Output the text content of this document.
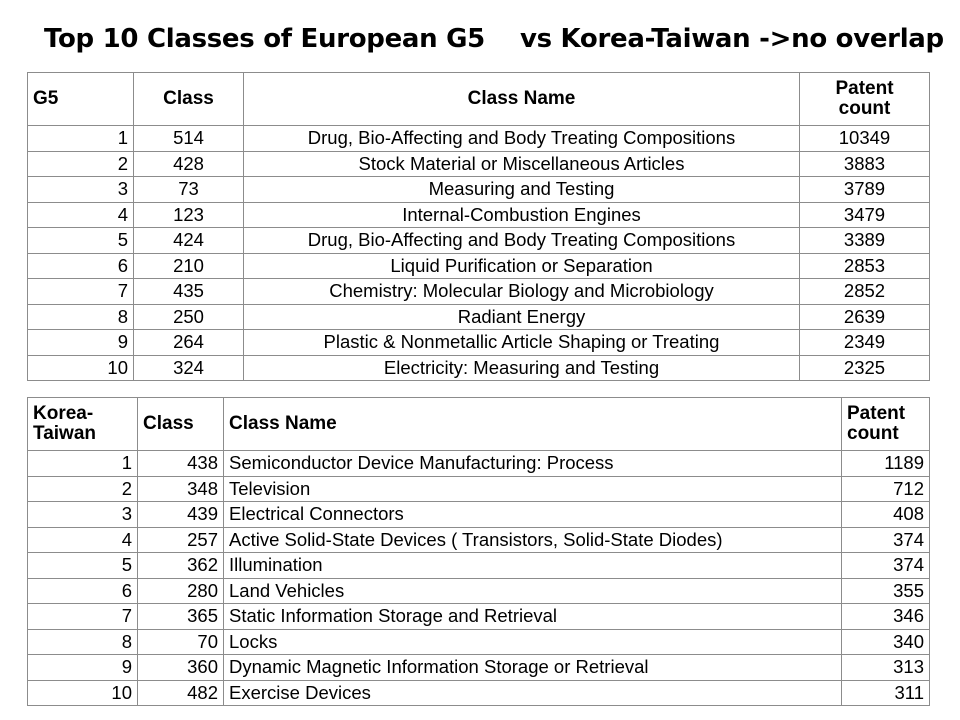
Top 10 Classes of European G5    vs Korea-Taiwan ->no overlap
G5	Class	Class Name	Patent
count
1	514	Drug, Bio-Affecting and Body Treating Compositions	10349
2	428	Stock Material or Miscellaneous Articles	3883
3	73	Measuring and Testing	3789
4	123	Internal-Combustion Engines	3479
5	424	Drug, Bio-Affecting and Body Treating Compositions	3389
6	210	Liquid Purification or Separation	2853
7	435	Chemistry: Molecular Biology and Microbiology	2852
8	250	Radiant Energy	2639
9	264	Plastic & Nonmetallic Article Shaping or Treating	2349
10	324	Electricity: Measuring and Testing	2325
Korea-
Taiwan	Class	Class Name	Patent
count
1	438	Semiconductor Device Manufacturing: Process	1189
2	348	Television	712
3	439	Electrical Connectors	408
4	257	Active Solid-State Devices ( Transistors, Solid-State Diodes)	374
5	362	Illumination	374
6	280	Land Vehicles	355
7	365	Static Information Storage and Retrieval	346
8	70	Locks	340
9	360	Dynamic Magnetic Information Storage or Retrieval	313
10	482	Exercise Devices	311
